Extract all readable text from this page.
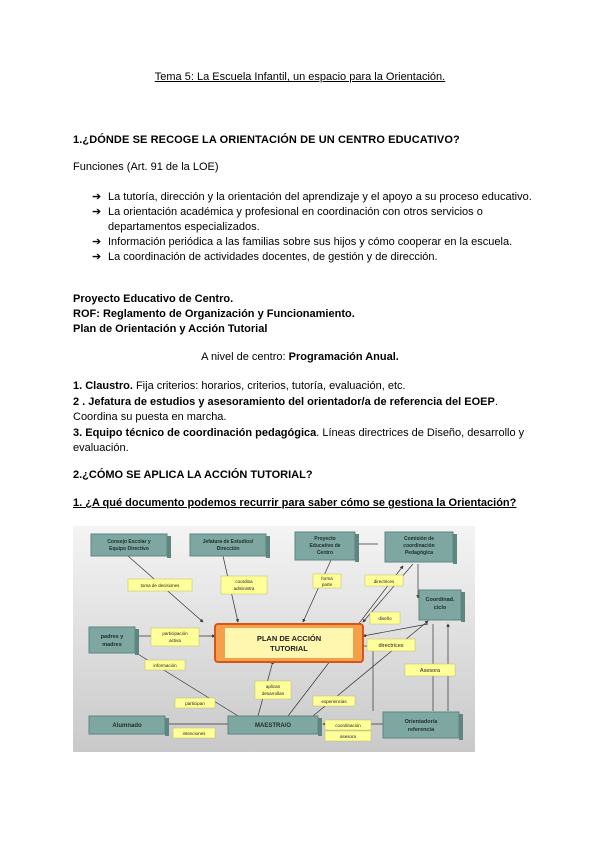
Tema 5: La Escuela Infantil, un espacio para la Orientación.
1.¿DÓNDE SE RECOGE LA ORIENTACIÓN DE UN CENTRO EDUCATIVO?
Funciones (Art. 91 de la LOE)
➔ La tutoría, dirección y la orientación del aprendizaje y el apoyo a su proceso educativo.
➔ La orientación académica y profesional en coordinación con otros servicios o departamentos especializados.
➔ Información periódica a las familias sobre sus hijos y cómo cooperar en la escuela.
➔ La coordinación de actividades docentes, de gestión y de dirección.
Proyecto Educativo de Centro.
ROF: Reglamento de Organización y Funcionamiento.
Plan de Orientación y Acción Tutorial
A nivel de centro: Programación Anual.
1. Claustro. Fija criterios: horarios, criterios, tutoría, evaluación, etc.
2 . Jefatura de estudios y asesoramiento del orientador/a de referencia del EOEP. Coordina su puesta en marcha.
3. Equipo técnico de coordinación pedagógica. Líneas directrices de Diseño, desarrollo y evaluación.
2.¿CÓMO SE APLICA LA ACCIÓN TUTORIAL?
1. ¿A qué documento podemos recurrir para saber cómo se gestiona la Orientación?
Consejo Escolar y
Equipo Directivo
Jefatura de Estudios/
Dirección
Proyecto
Educativo de
Centro
Comisión de
coordinación
Pedagógica
padres y
madres
Coordinad.
ciclo
Alumnado	MAESTRA/O
Orientador/a
referencia
PLAN DE ACCIÓN
TUTORIAL
toma de decisiones
coordina
administra
forma
parte
directrices
diseño
participación
activa
directrices
información
aplican
desarrollan
Asesora
participan	experiencias
intenciones
coordinación
asesora
